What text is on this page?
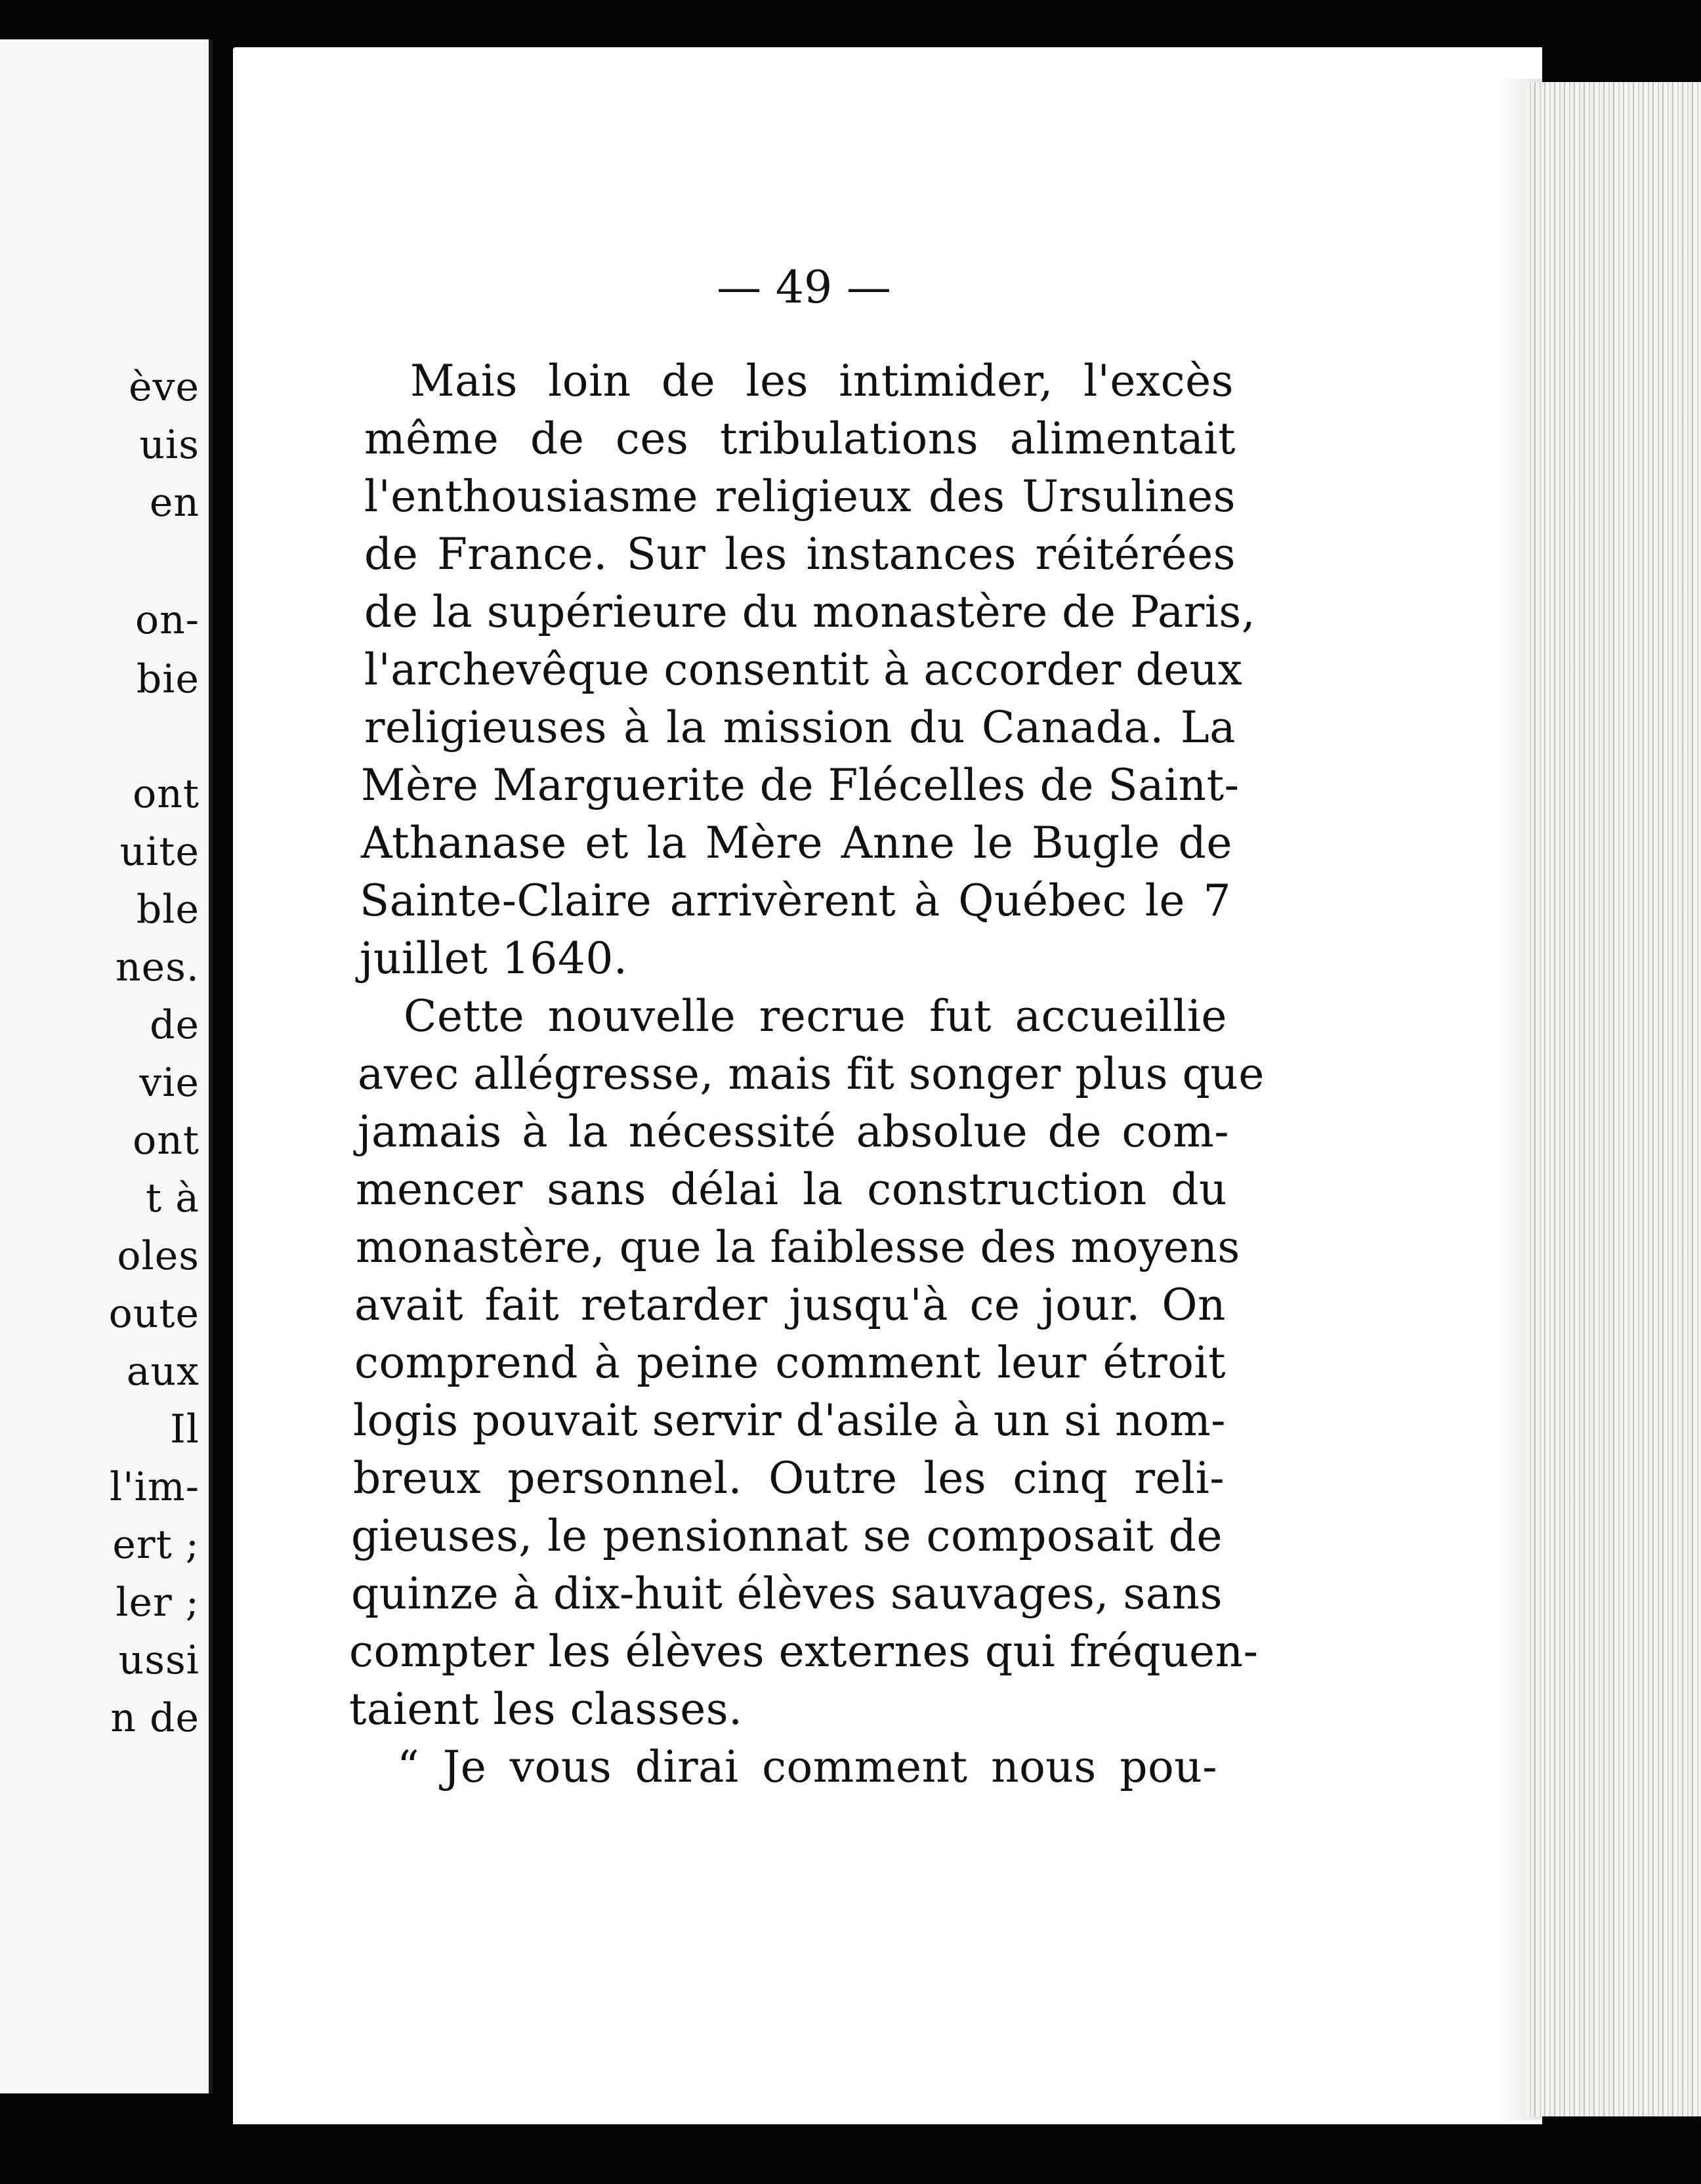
ève
uis
en
on-
bie
ont
uite
ble
nes.
de
vie
ont
t à
oles
oute
aux
Il
l'im-
ert ;
ler ;
ussi
n de
— 49 —
Mais loin de les intimider, l'excès
même de ces tribulations alimentait
l'enthousiasme religieux des Ursulines
de France. Sur les instances réitérées
de la supérieure du monastère de Paris,
l'archevêque consentit à accorder deux
religieuses à la mission du Canada. La
Mère Marguerite de Flécelles de Saint-
Athanase et la Mère Anne le Bugle de
Sainte-Claire arrivèrent à Québec le 7
juillet 1640.
Cette nouvelle recrue fut accueillie
avec allégresse, mais fit songer plus que
jamais à la nécessité absolue de com-
mencer sans délai la construction du
monastère, que la faiblesse des moyens
avait fait retarder jusqu'à ce jour. On
comprend à peine comment leur étroit
logis pouvait servir d'asile à un si nom-
breux personnel. Outre les cinq reli-
gieuses, le pensionnat se composait de
quinze à dix-huit élèves sauvages, sans
compter les élèves externes qui fréquen-
taient les classes.
“ Je vous dirai comment nous pou-
